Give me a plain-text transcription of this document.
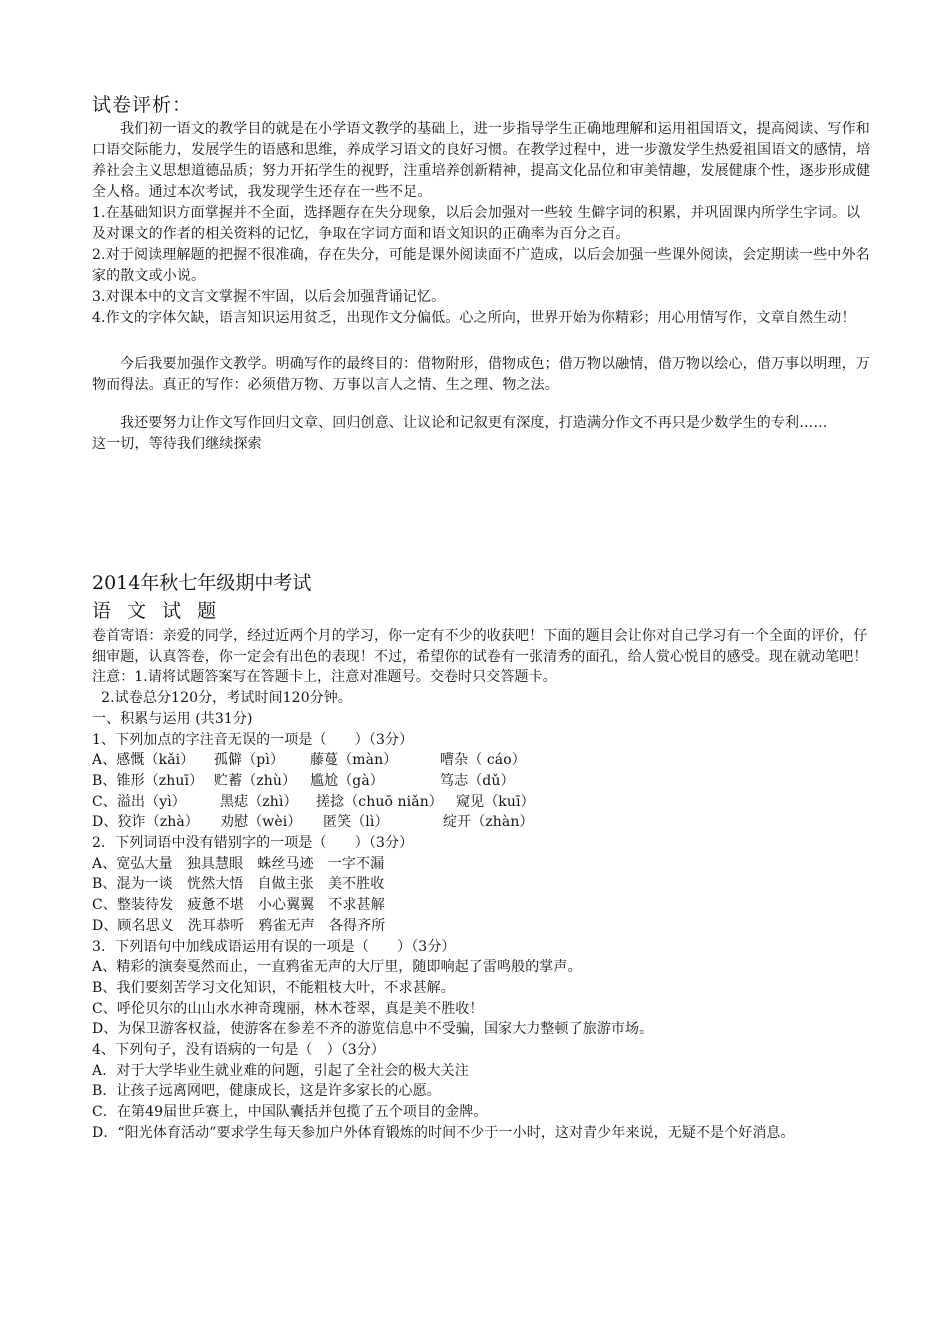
试卷评析：

我们初一语文的教学目的就是在小学语文教学的基础上，进一步指导学生正确地理解和运用祖国语文，提高阅读、写作和口语交际能力，发展学生的语感和思维，养成学习语文的良好习惯。在教学过程中，进一步激发学生热爱祖国语文的感情，培养社会主义思想道德品质；努力开拓学生的视野，注重培养创新精神，提高文化品位和审美情趣，发展健康个性，逐步形成健全人格。通过本次考试，我发现学生还存在一些不足。

1.在基础知识方面掌握并不全面，选择题存在失分现象，以后会加强对一些较 生僻字词的积累，并巩固课内所学生字词。以及对课文的作者的相关资料的记忆，争取在字词方面和语文知识的正确率为百分之百。

2.对于阅读理解题的把握不很准确，存在失分，可能是课外阅读面不广造成，以后会加强一些课外阅读，会定期读一些中外名家的散文或小说。

3.对课本中的文言文掌握不牢固，以后会加强背诵记忆。

4.作文的字体欠缺，语言知识运用贫乏，出现作文分偏低。心之所向，世界开始为你精彩；用心用情写作，文章自然生动！

今后我要加强作文教学。明确写作的最终目的：借物附形，借物成色；借万物以融情，借万物以绘心，借万事以明理，万物而得法。真正的写作：必须借万物、万事以言人之情、生之理、物之法。

我还要努力让作文写作回归文章、回归创意、让议论和记叙更有深度，打造满分作文不再只是少数学生的专利……

这一切，等待我们继续探索

2014年秋七年级期中考试
语 文 试 题

卷首寄语：亲爱的同学，经过近两个月的学习，你一定有不少的收获吧！下面的题目会让你对自己学习有一个全面的评价，仔细审题，认真答卷，你一定会有出色的表现！不过，希望你的试卷有一张清秀的面孔，给人赏心悦目的感受。现在就动笔吧！

注意：1.请将试题答案写在答题卡上，注意对准题号。交卷时只交答题卡。

2.试卷总分120分，考试时间120分钟。

一、积累与运用 (共31分)

1、下列加点的字注音无误的一项是（　　）（3分）

A、感慨（kǎi） 孤僻（pì） 藤蔓（màn）	嘈杂（ cáo）

B、锥形（zhuī） 贮蓄（zhù） 尴尬（gà）	笃志（dǔ）

C、溢出（yì） 黑痣（zhì） 搓捻（chuō niǎn） 窥见（kuī）

D、狡诈（zhà） 劝慰（wèi） 匿笑（lì）	绽开（zhàn）

2．下列词语中没有错别字的一项是（　　）（3分）

A、宽弘大量　独具慧眼　蛛丝马迹　一字不漏

B、混为一谈　恍然大悟　自做主张　美不胜收

C、整装待发　疲惫不堪　小心翼翼　不求甚解

D、顾名思义　洗耳恭听　鸦雀无声　各得齐所

3．下列语句中加线成语运用有误的一项是（　　）（3分）

A、精彩的演奏戛然而止，一直鸦雀无声的大厅里，随即响起了雷鸣般的掌声。

B、我们要刻苦学习文化知识，不能粗枝大叶，不求甚解。

C、呼伦贝尔的山山水水神奇瑰丽，林木苍翠，真是美不胜收！

D、为保卫游客权益，使游客在参差不齐的游览信息中不受骗，国家大力整顿了旅游市场。

4、下列句子，没有语病的一句是（　）（3分）

A．对于大学毕业生就业难的问题，引起了全社会的极大关注

B．让孩子远离网吧，健康成长，这是许多家长的心愿。

C．在第49届世乒赛上，中国队囊括并包揽了五个项目的金牌。

D．“阳光体育活动”要求学生每天参加户外体育锻炼的时间不少于一小时，这对青少年来说，无疑不是个好消息。
